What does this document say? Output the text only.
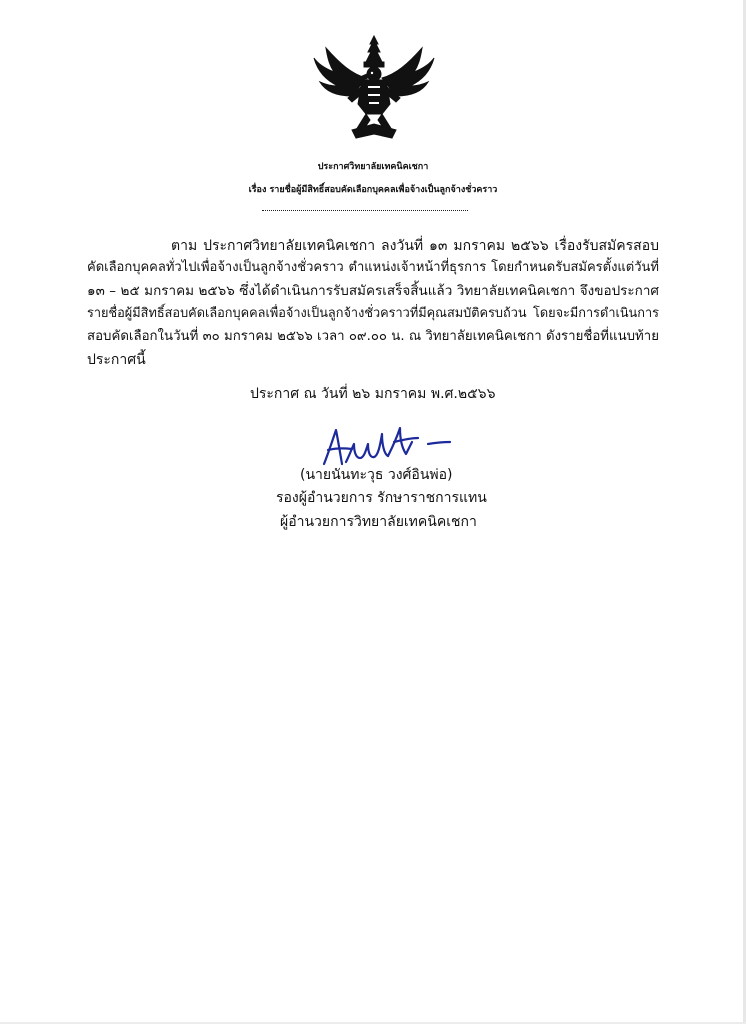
ประกาศวิทยาลัยเทคนิคเชกา
เรื่อง รายชื่อผู้มีสิทธิ์สอบคัดเลือกบุคคลเพื่อจ้างเป็นลูกจ้างชั่วคราว
ตาม ประกาศวิทยาลัยเทคนิคเชกา ลงวันที่ ๑๓ มกราคม ๒๕๖๖ เรื่องรับสมัครสอบ
คัดเลือกบุคคลทั่วไปเพื่อจ้างเป็นลูกจ้างชั่วคราว ตำแหน่งเจ้าหน้าที่ธุรการ โดยกำหนดรับสมัครตั้งแต่วันที่
๑๓ – ๒๕ มกราคม ๒๕๖๖ ซึ่งได้ดำเนินการรับสมัครเสร็จสิ้นแล้ว วิทยาลัยเทคนิคเชกา จึงขอประกาศ
รายชื่อผู้มีสิทธิ์สอบคัดเลือกบุคคลเพื่อจ้างเป็นลูกจ้างชั่วคราวที่มีคุณสมบัติครบถ้วน โดยจะมีการดำเนินการ
สอบคัดเลือกในวันที่ ๓๐ มกราคม ๒๕๖๖ เวลา ๐๙.๐๐ น. ณ วิทยาลัยเทคนิคเชกา ดังรายชื่อที่แนบท้าย
ประกาศนี้
ประกาศ ณ วันที่ ๒๖ มกราคม พ.ศ.๒๕๖๖
(นายนันทะวุธ วงศ์อินพ่อ)
รองผู้อำนวยการ รักษาราชการแทน
ผู้อำนวยการวิทยาลัยเทคนิคเชกา
